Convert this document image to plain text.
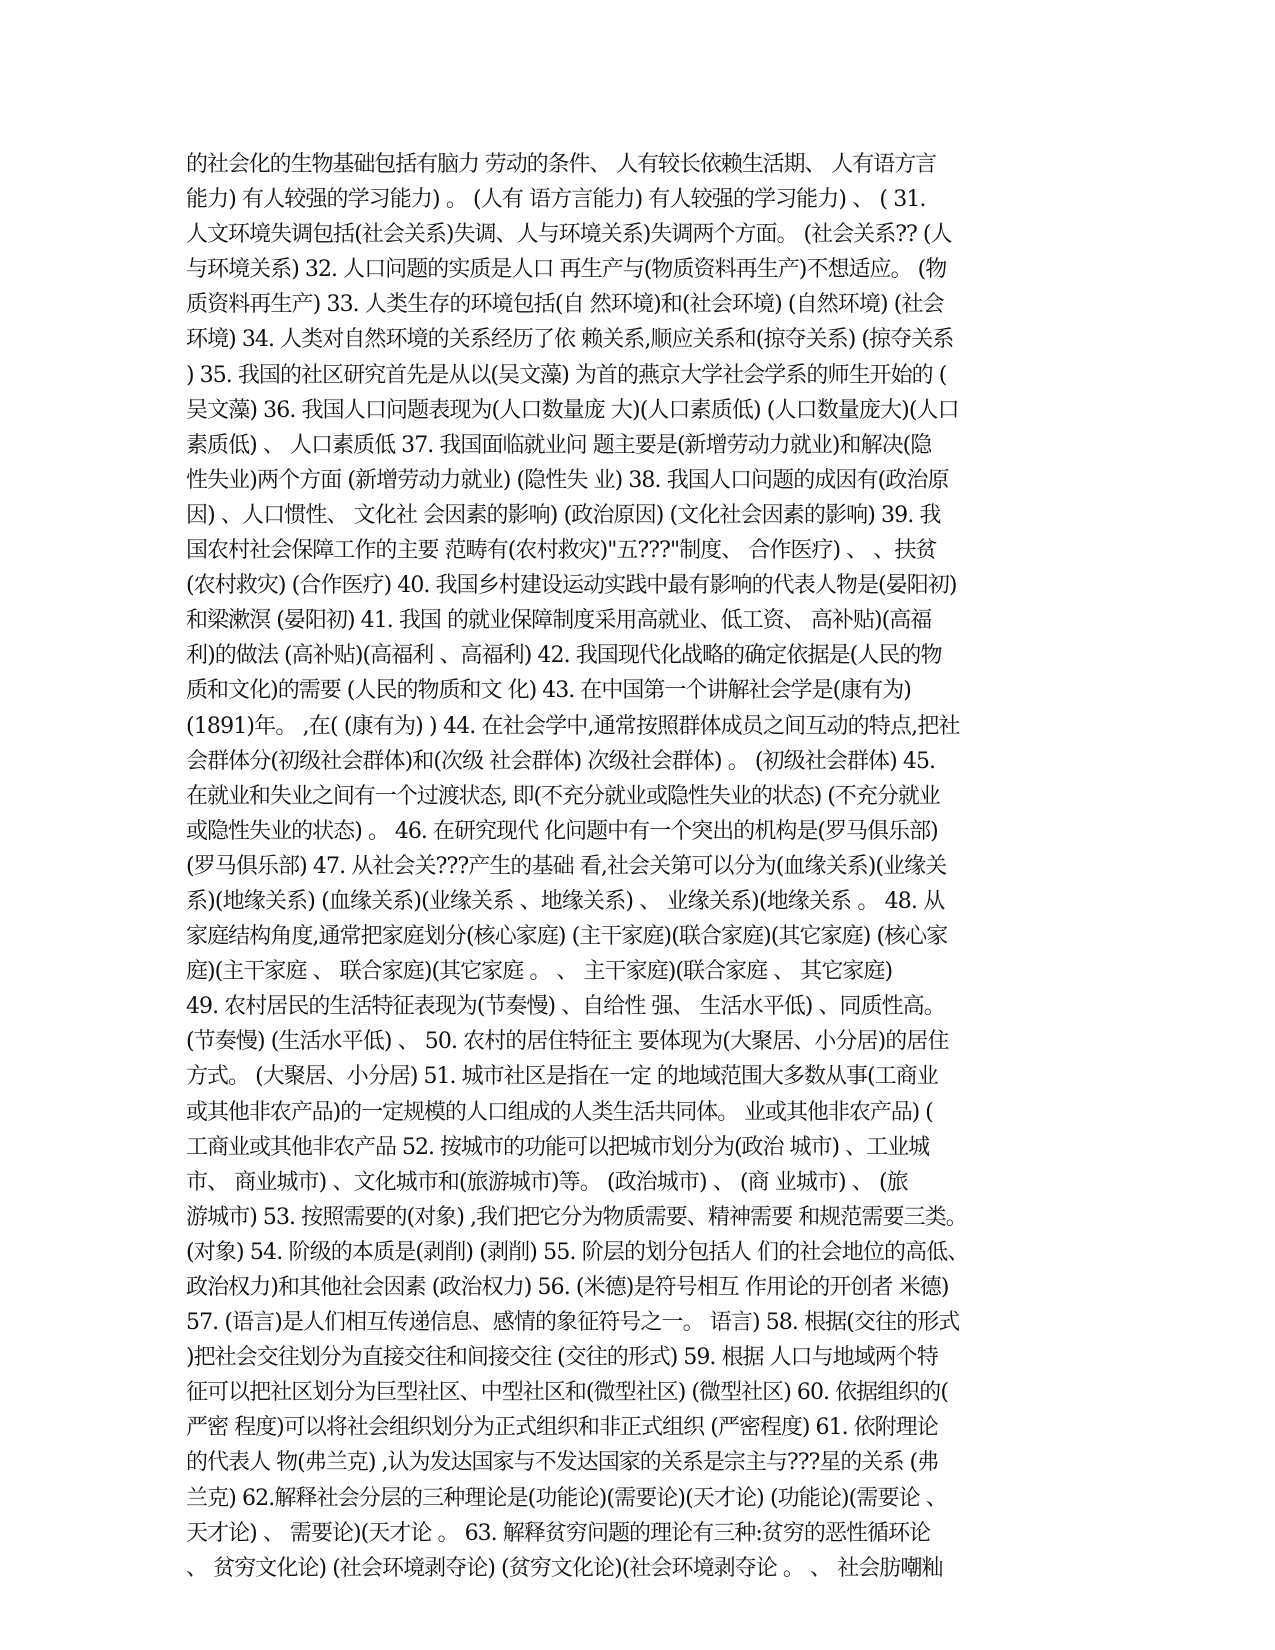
的社会化的生物基础包括有脑力 劳动的条件、 人有较长依赖生活期、 人有语方言
能力) 有人较强的学习能力) 。 (人有 语方言能力) 有人较强的学习能力) 、 ( 31.
人文环境失调包括(社会关系)失调、人与环境关系)失调两个方面。 (社会关系?? (人
与环境关系) 32. 人口问题的实质是人口 再生产与(物质资料再生产)不想适应。 (物
质资料再生产) 33. 人类生存的环境包括(自 然环境)和(社会环境) (自然环境) (社会
环境) 34. 人类对自然环境的关系经历了依 赖关系,顺应关系和(掠夺关系) (掠夺关系
) 35. 我国的社区研究首先是从以(吴文藻) 为首的燕京大学社会学系的师生开始的 (
吴文藻) 36. 我国人口问题表现为(人口数量庞 大)(人口素质低) (人口数量庞大)(人口
素质低) 、 人口素质低 37. 我国面临就业问 题主要是(新增劳动力就业)和解决(隐
性失业)两个方面 (新增劳动力就业) (隐性失 业) 38. 我国人口问题的成因有(政治原
因) 、人口惯性、 文化社 会因素的影响) (政治原因) (文化社会因素的影响) 39. 我
国农村社会保障工作的主要 范畴有(农村救灾)"五???"制度、 合作医疗) 、 、扶贫
(农村救灾) (合作医疗) 40. 我国乡村建设运动实践中最有影响的代表人物是(晏阳初)
和梁漱溟 (晏阳初) 41. 我国 的就业保障制度采用高就业、低工资、 高补贴)(高福
利)的做法 (高补贴)(高福利 、高福利) 42. 我国现代化战略的确定依据是(人民的物
质和文化)的需要 (人民的物质和文 化) 43. 在中国第一个讲解社会学是(康有为)
(1891)年。 ,在( (康有为) ) 44. 在社会学中,通常按照群体成员之间互动的特点,把社
会群体分(初级社会群体)和(次级 社会群体) 次级社会群体) 。 (初级社会群体) 45.
在就业和失业之间有一个过渡状态, 即(不充分就业或隐性失业的状态) (不充分就业
或隐性失业的状态) 。 46. 在研究现代 化问题中有一个突出的机构是(罗马俱乐部)
(罗马俱乐部) 47. 从社会关???产生的基础 看,社会关第可以分为(血缘关系)(业缘关
系)(地缘关系) (血缘关系)(业缘关系 、地缘关系) 、 业缘关系)(地缘关系 。 48. 从
家庭结构角度,通常把家庭划分(核心家庭) (主干家庭)(联合家庭)(其它家庭) (核心家
庭)(主干家庭 、 联合家庭)(其它家庭 。 、 主干家庭)(联合家庭 、 其它家庭)
49. 农村居民的生活特征表现为(节奏慢) 、自给性 强、 生活水平低) 、同质性高。
(节奏慢) (生活水平低) 、 50. 农村的居住特征主 要体现为(大聚居、小分居)的居住
方式。 (大聚居、小分居) 51. 城市社区是指在一定 的地域范围大多数从事(工商业
或其他非农产品)的一定规模的人口组成的人类生活共同体。 业或其他非农产品) (
工商业或其他非农产品 52. 按城市的功能可以把城市划分为(政治 城市) 、工业城
市、 商业城市) 、文化城市和(旅游城市)等。 (政治城市) 、 (商 业城市) 、 (旅
游城市) 53. 按照需要的(对象) ,我们把它分为物质需要、精神需要 和规范需要三类。
(对象) 54. 阶级的本质是(剥削) (剥削) 55. 阶层的划分包括人 们的社会地位的高低、
政治权力)和其他社会因素 (政治权力) 56. (米德)是符号相互 作用论的开创者 米德)
57. (语言)是人们相互传递信息、感情的象征符号之一。 语言) 58. 根据(交往的形式
)把社会交往划分为直接交往和间接交往 (交往的形式) 59. 根据 人口与地域两个特
征可以把社区划分为巨型社区、中型社区和(微型社区) (微型社区) 60. 依据组织的(
严密 程度)可以将社会组织划分为正式组织和非正式组织 (严密程度) 61. 依附理论
的代表人 物(弗兰克) ,认为发达国家与不发达国家的关系是宗主与???星的关系 (弗
兰克) 62.解释社会分层的三种理论是(功能论)(需要论)(天才论) (功能论)(需要论 、
天才论) 、 需要论)(天才论 。 63. 解释贫穷问题的理论有三种:贫穷的恶性循环论
、 贫穷文化论) (社会环境剥夺论) (贫穷文化论)(社会环境剥夺论 。 、 社会肪嘲籼
